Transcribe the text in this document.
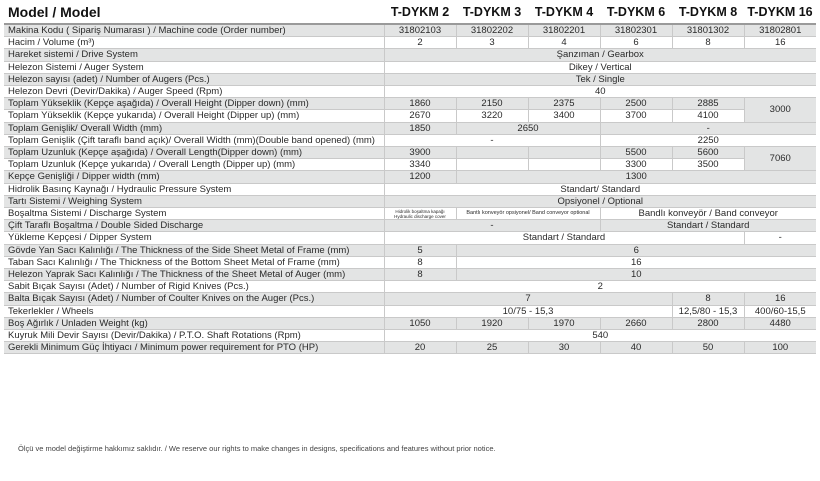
Model / Model	T-DYKM 2	T-DYKM 3	T-DYKM 4	T-DYKM 6	T-DYKM 8	T-DYKM 16
Makina Kodu ( Sipariş Numarası ) / Machine code (Order number)	31802103	31802202	31802201	31802301	31801302	31802801
Hacim / Volume (m³)	2	3	4	6	8	16
Hareket sistemi / Drive System	Şanzıman / Gearbox					
Helezon Sistemi / Auger System	Dikey / Vertical					
Helezon sayısı (adet) / Number of Augers (Pcs.)	Tek / Single					
Helezon Devri (Devir/Dakika) / Auger Speed (Rpm)	40					
Toplam Yükseklik (Kepçe aşağıda) / Overall Height (Dipper down) (mm)	1860	2150	2375	2500	2885	3000
Toplam Yükseklik (Kepçe yukarıda) / Overall Height (Dipper up) (mm)	2670	3220	3400	3700	4100	
Toplam Genişlik/ Overall Width (mm)	1850	2650		-		
Toplam Genişlik (Çift taraflı band açık)/ Overall Width (mm)(Double band opened) (mm)	-			2250		
Toplam Uzunluk (Kepçe aşağıda) / Overall Length(Dipper down) (mm)	3900			5500	5600	7060
Toplam Uzunluk (Kepçe yukarıda) / Overall Length (Dipper up) (mm)	3340			3300	3500	
Kepçe Genişliği / Dipper width (mm)	1200	1300				
Hidrolik Basınç Kaynağı / Hydraulic Pressure System	Standart/ Standard					
Tartı Sistemi / Weighing System	Opsiyonel / Optional					
Boşaltma Sistemi / Discharge System	Hidrolik boşaltma kapağı Hydraulic discharge cover	Bantlı konveyör opsiyonel/ Band conveyor optional		Bandlı konveyör / Band conveyor		
Çift Taraflı Boşaltma / Double Sided Discharge	-			Standart / Standard		
Yükleme Kepçesi / Dipper System	Standart / Standard					-
Gövde Yan Sacı Kalınlığı / The Thickness of the Side Sheet Metal of Frame (mm)	5	6				
Taban Sacı Kalınlığı / The Thickness of the Bottom Sheet Metal of Frame (mm)	8	16				
Helezon Yaprak Sacı Kalınlığı / The Thickness of the Sheet Metal of Auger (mm)	8	10				
Sabit Bıçak Sayısı (Adet) / Number of Rigid Knives (Pcs.)	2					
Balta Bıçak Sayısı (Adet) / Number of Coulter Knives on the Auger (Pcs.)	7				8	16
Tekerlekler / Wheels	10/75 - 15,3				12,5/80 - 15,3	400/60-15,5
Boş Ağırlık / Unladen Weight (kg)	1050	1920	1970	2660	2800	4480
Kuyruk Mili Devir Sayısı (Devir/Dakika) / P.T.O. Shaft Rotations (Rpm)	540					
Gerekli Minimum Güç İhtiyacı / Minimum power requirement for PTO (HP)	20	25	30	40	50	100
Ölçü ve model değiştirme hakkımız saklıdır. / We reserve our rights to make changes in designs, specifications and features without prior notice.
